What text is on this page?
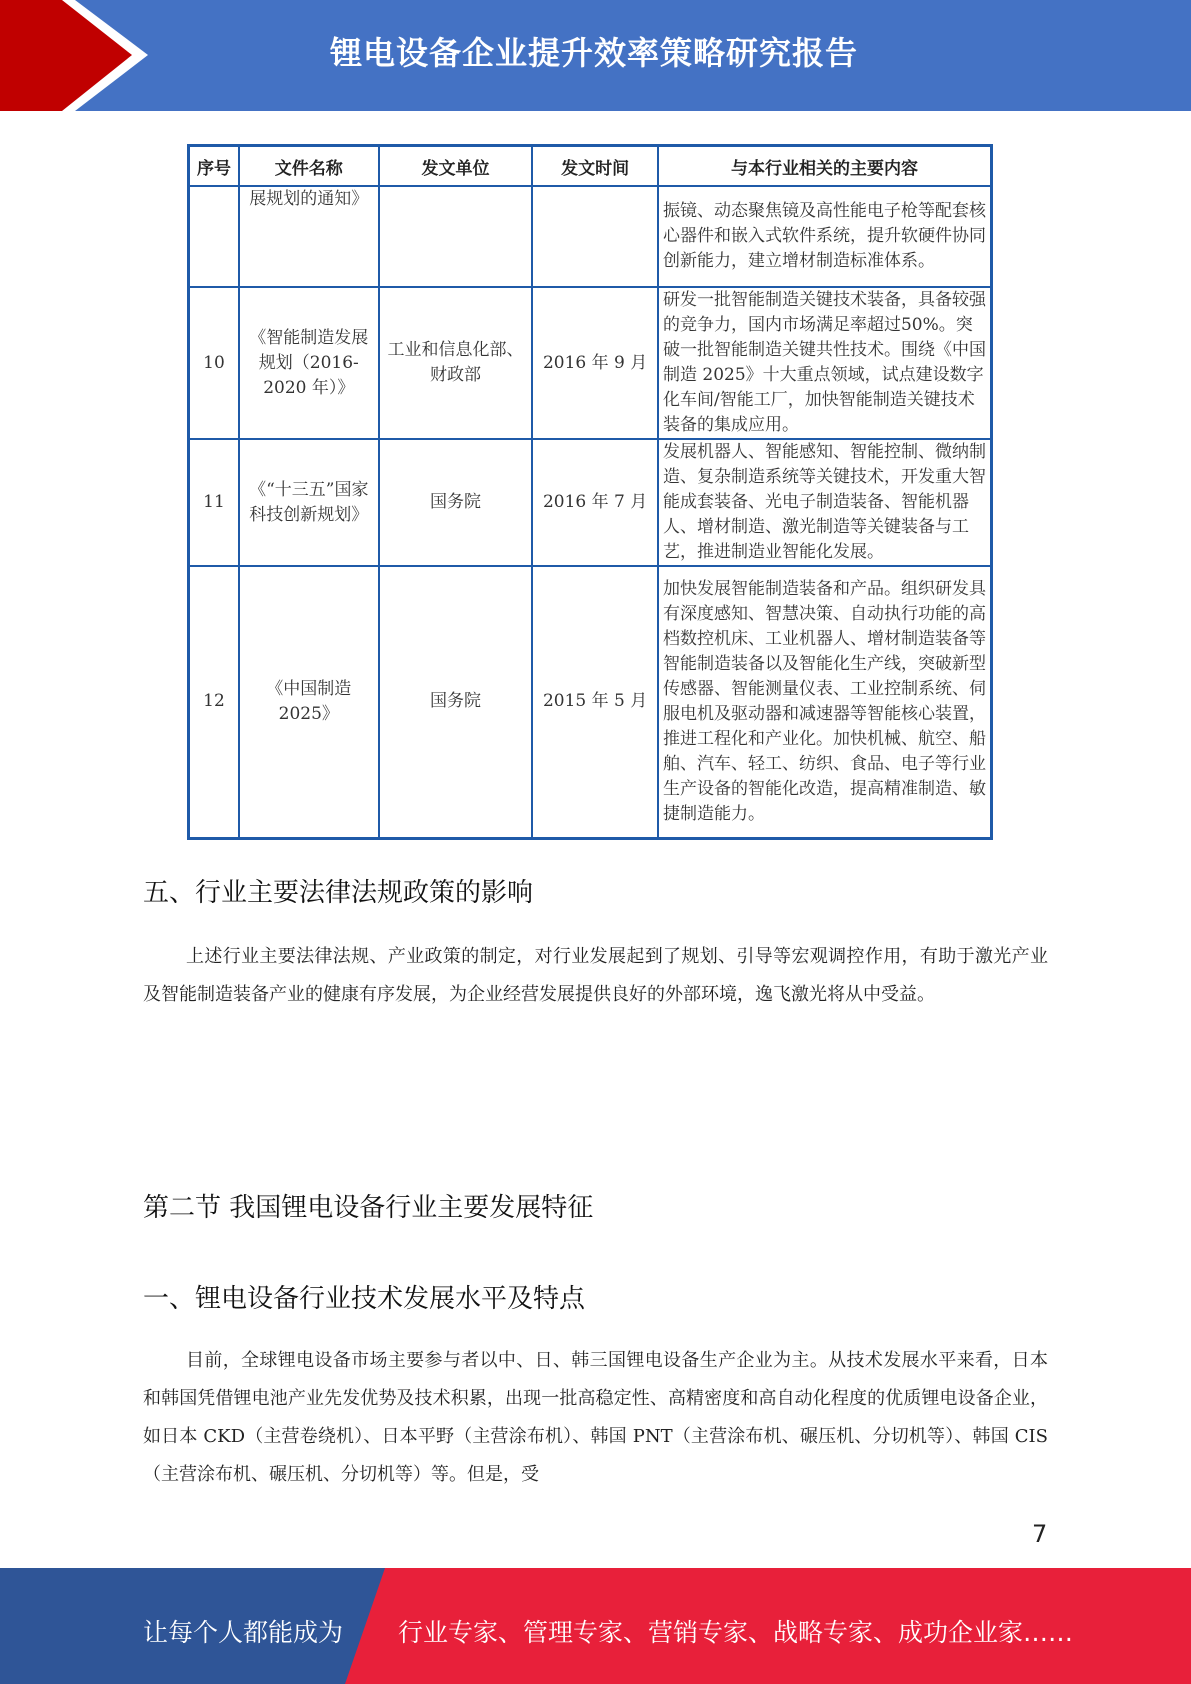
锂电设备企业提升效率策略研究报告
序号	文件名称	发文单位	发文时间	与本行业相关的主要内容
	展规划的通知》			振镜、动态聚焦镜及高性能电子枪等配套核心器件和嵌入式软件系统，提升软硬件协同创新能力，建立增材制造标准体系。
10	《智能制造发展规划（2016-2020 年）》	工业和信息化部、财政部	2016 年 9 月	研发一批智能制造关键技术装备，具备较强的竞争力，国内市场满足率超过50%。突破一批智能制造关键共性技术。围绕《中国制造 2025》十大重点领域，试点建设数字化车间/智能工厂，加快智能制造关键技术装备的集成应用。
11	《“十三五”国家科技创新规划》	国务院	2016 年 7 月	发展机器人、智能感知、智能控制、微纳制造、复杂制造系统等关键技术，开发重大智能成套装备、光电子制造装备、智能机器人、增材制造、激光制造等关键装备与工艺，推进制造业智能化发展。
12	《中国制造 2025》	国务院	2015 年 5 月	加快发展智能制造装备和产品。组织研发具有深度感知、智慧决策、自动执行功能的高档数控机床、工业机器人、增材制造装备等智能制造装备以及智能化生产线，突破新型传感器、智能测量仪表、工业控制系统、伺服电机及驱动器和减速器等智能核心装置，推进工程化和产业化。加快机械、航空、船舶、汽车、轻工、纺织、食品、电子等行业生产设备的智能化改造，提高精准制造、敏捷制造能力。
五、行业主要法律法规政策的影响

上述行业主要法律法规、产业政策的制定，对行业发展起到了规划、引导等宏观调控作用，有助于激光产业及智能制造装备产业的健康有序发展，为企业经营发展提供良好的外部环境，逸飞激光将从中受益。

第二节 我国锂电设备行业主要发展特征
一、锂电设备行业技术发展水平及特点

目前，全球锂电设备市场主要参与者以中、日、韩三国锂电设备生产企业为主。从技术发展水平来看，日本和韩国凭借锂电池产业先发优势及技术积累，出现一批高稳定性、高精密度和高自动化程度的优质锂电设备企业，如日本 CKD（主营卷绕机）、日本平野（主营涂布机）、韩国 PNT（主营涂布机、碾压机、分切机等）、韩国 CIS（主营涂布机、碾压机、分切机等）等。但是，受

7
让每个人都能成为 行业专家、管理专家、营销专家、战略专家、成功企业家……
